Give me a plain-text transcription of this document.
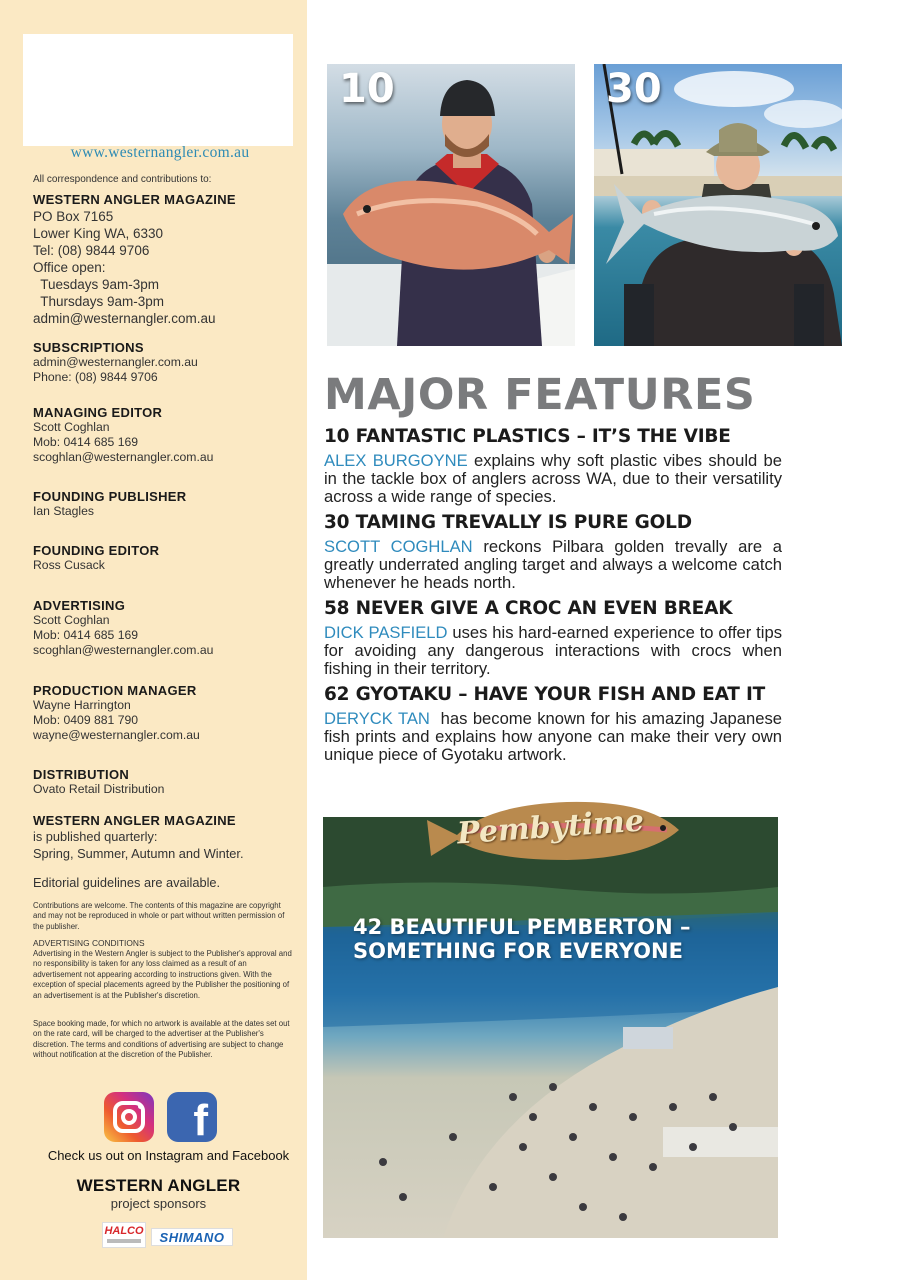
www.westernangler.com.au
All correspondence and contributions to:
WESTERN ANGLER MAGAZINE
PO Box 7165
Lower King WA, 6330
Tel: (08) 9844 9706
Office open:
Tuesdays 9am-3pm
Thursdays 9am-3pm
admin@westernangler.com.au
SUBSCRIPTIONS
admin@westernangler.com.au
Phone: (08) 9844 9706
MANAGING EDITOR
Scott Coghlan
Mob: 0414 685 169
scoghlan@westernangler.com.au
FOUNDING PUBLISHER
Ian Stagles
FOUNDING EDITOR
Ross Cusack
ADVERTISING
Scott Coghlan
Mob: 0414 685 169
scoghlan@westernangler.com.au
PRODUCTION MANAGER
Wayne Harrington
Mob: 0409 881 790
wayne@westernangler.com.au
DISTRIBUTION
Ovato Retail Distribution
WESTERN ANGLER MAGAZINE
is published quarterly:
Spring, Summer, Autumn and Winter.
Editorial guidelines are available.
Contributions are welcome. The contents of this magazine are copyright and may not be reproduced in whole or part without written permission of the publisher.
ADVERTISING CONDITIONS
Advertising in the Western Angler is subject to the Publisher's approval and no responsibility is taken for any loss claimed as a result of an advertisement not appearing according to instructions given. With the exception of special placements agreed by the Publisher the positioning of an advertisement is at the Publisher's discretion.
Space booking made, for which no artwork is available at the dates set out on the rate card, will be charged to the advertiser at the Publisher's discretion. The terms and conditions of advertising are subject to change without notification at the discretion of the Publisher.
f
Check us out on Instagram and Facebook
WESTERN ANGLER
project sponsors
HALCO	SHIMANO
10	30
MAJOR FEATURES
10 FANTASTIC PLASTICS – IT’S THE VIBE
ALEX BURGOYNE explains why soft plastic vibes should be in the tackle box of anglers across WA, due to their versatility across a wide range of species.
30 TAMING TREVALLY IS PURE GOLD
SCOTT COGHLAN reckons Pilbara golden trevally are a greatly underrated angling target and always a welcome catch whenever he heads north.
58 NEVER GIVE A CROC AN EVEN BREAK
DICK PASFIELD uses his hard-earned experience to offer tips for avoiding any dangerous interactions with crocs when fishing in their territory.
62 GYOTAKU – HAVE YOUR FISH AND EAT IT
DERYCK TAN  has become known for his amazing Japanese fish prints and explains how anyone can make their very own unique piece of Gyotaku artwork.
42 BEAUTIFUL PEMBERTON –
SOMETHING FOR EVERYONE
Pembytime
